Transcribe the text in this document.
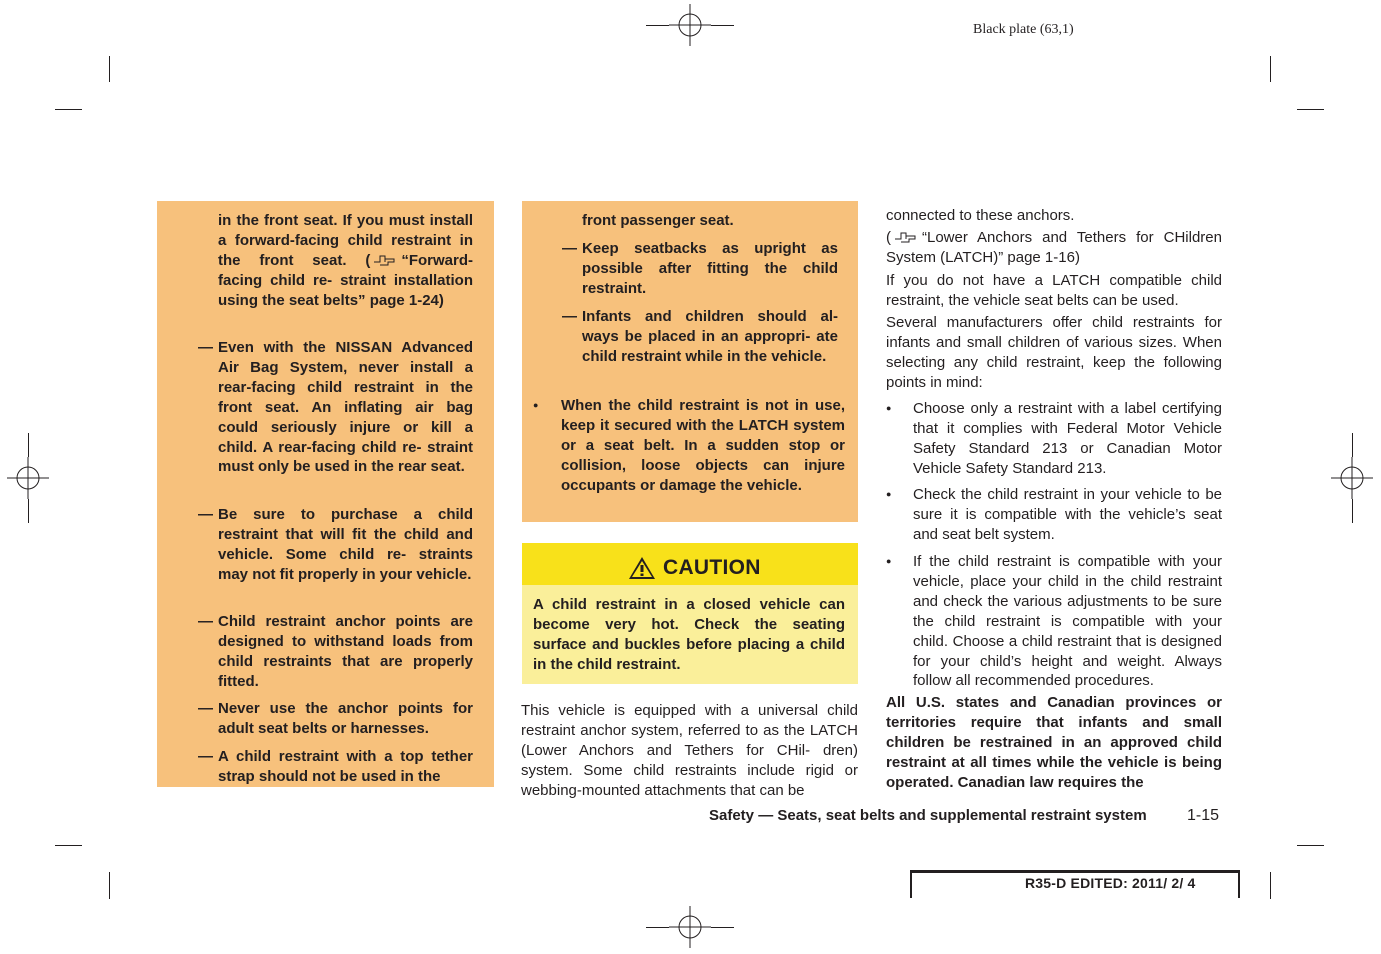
Black plate (63,1)
in the front seat. If you must install a forward-facing child restraint in the front seat. ( “Forward-facing child re- straint installation using the seat belts” page 1-24)
— Even with the NISSAN Advanced Air Bag System, never install a rear-facing child restraint in the front seat. An inflating air bag could seriously injure or kill a child. A rear-facing child re- straint must only be used in the rear seat.
— Be sure to purchase a child restraint that will fit the child and vehicle. Some child re- straints may not fit properly in your vehicle.
— Child restraint anchor points are designed to withstand loads from child restraints that are properly fitted.
— Never use the anchor points for adult seat belts or harnesses.
— A child restraint with a top tether strap should not be used in the
front passenger seat.
— Keep seatbacks as upright as possible after fitting the child restraint.
— Infants and children should al- ways be placed in an appropri- ate child restraint while in the vehicle.
● When the child restraint is not in use, keep it secured with the LATCH system or a seat belt. In a sudden stop or collision, loose objects can injure occupants or damage the vehicle.
CAUTION
A child restraint in a closed vehicle can become very hot. Check the seating surface and buckles before placing a child in the child restraint.
This vehicle is equipped with a universal child restraint anchor system, referred to as the LATCH (Lower Anchors and Tethers for CHil- dren) system. Some child restraints include rigid or webbing-mounted attachments that can be
connected to these anchors.
( “Lower Anchors and Tethers for CHildren System (LATCH)” page 1-16)
If you do not have a LATCH compatible child restraint, the vehicle seat belts can be used.
Several manufacturers offer child restraints for infants and small children of various sizes. When selecting any child restraint, keep the following points in mind:
● Choose only a restraint with a label certifying that it complies with Federal Motor Vehicle Safety Standard 213 or Canadian Motor Vehicle Safety Standard 213.
● Check the child restraint in your vehicle to be sure it is compatible with the vehicle’s seat and seat belt system.
● If the child restraint is compatible with your vehicle, place your child in the child restraint and check the various adjustments to be sure the child restraint is compatible with your child. Choose a child restraint that is designed for your child’s height and weight. Always follow all recommended procedures.
All U.S. states and Canadian provinces or territories require that infants and small children be restrained in an approved child restraint at all times while the vehicle is being operated. Canadian law requires the
Safety — Seats, seat belts and supplemental restraint system	1-15
R35-D EDITED: 2011/ 2/ 4
